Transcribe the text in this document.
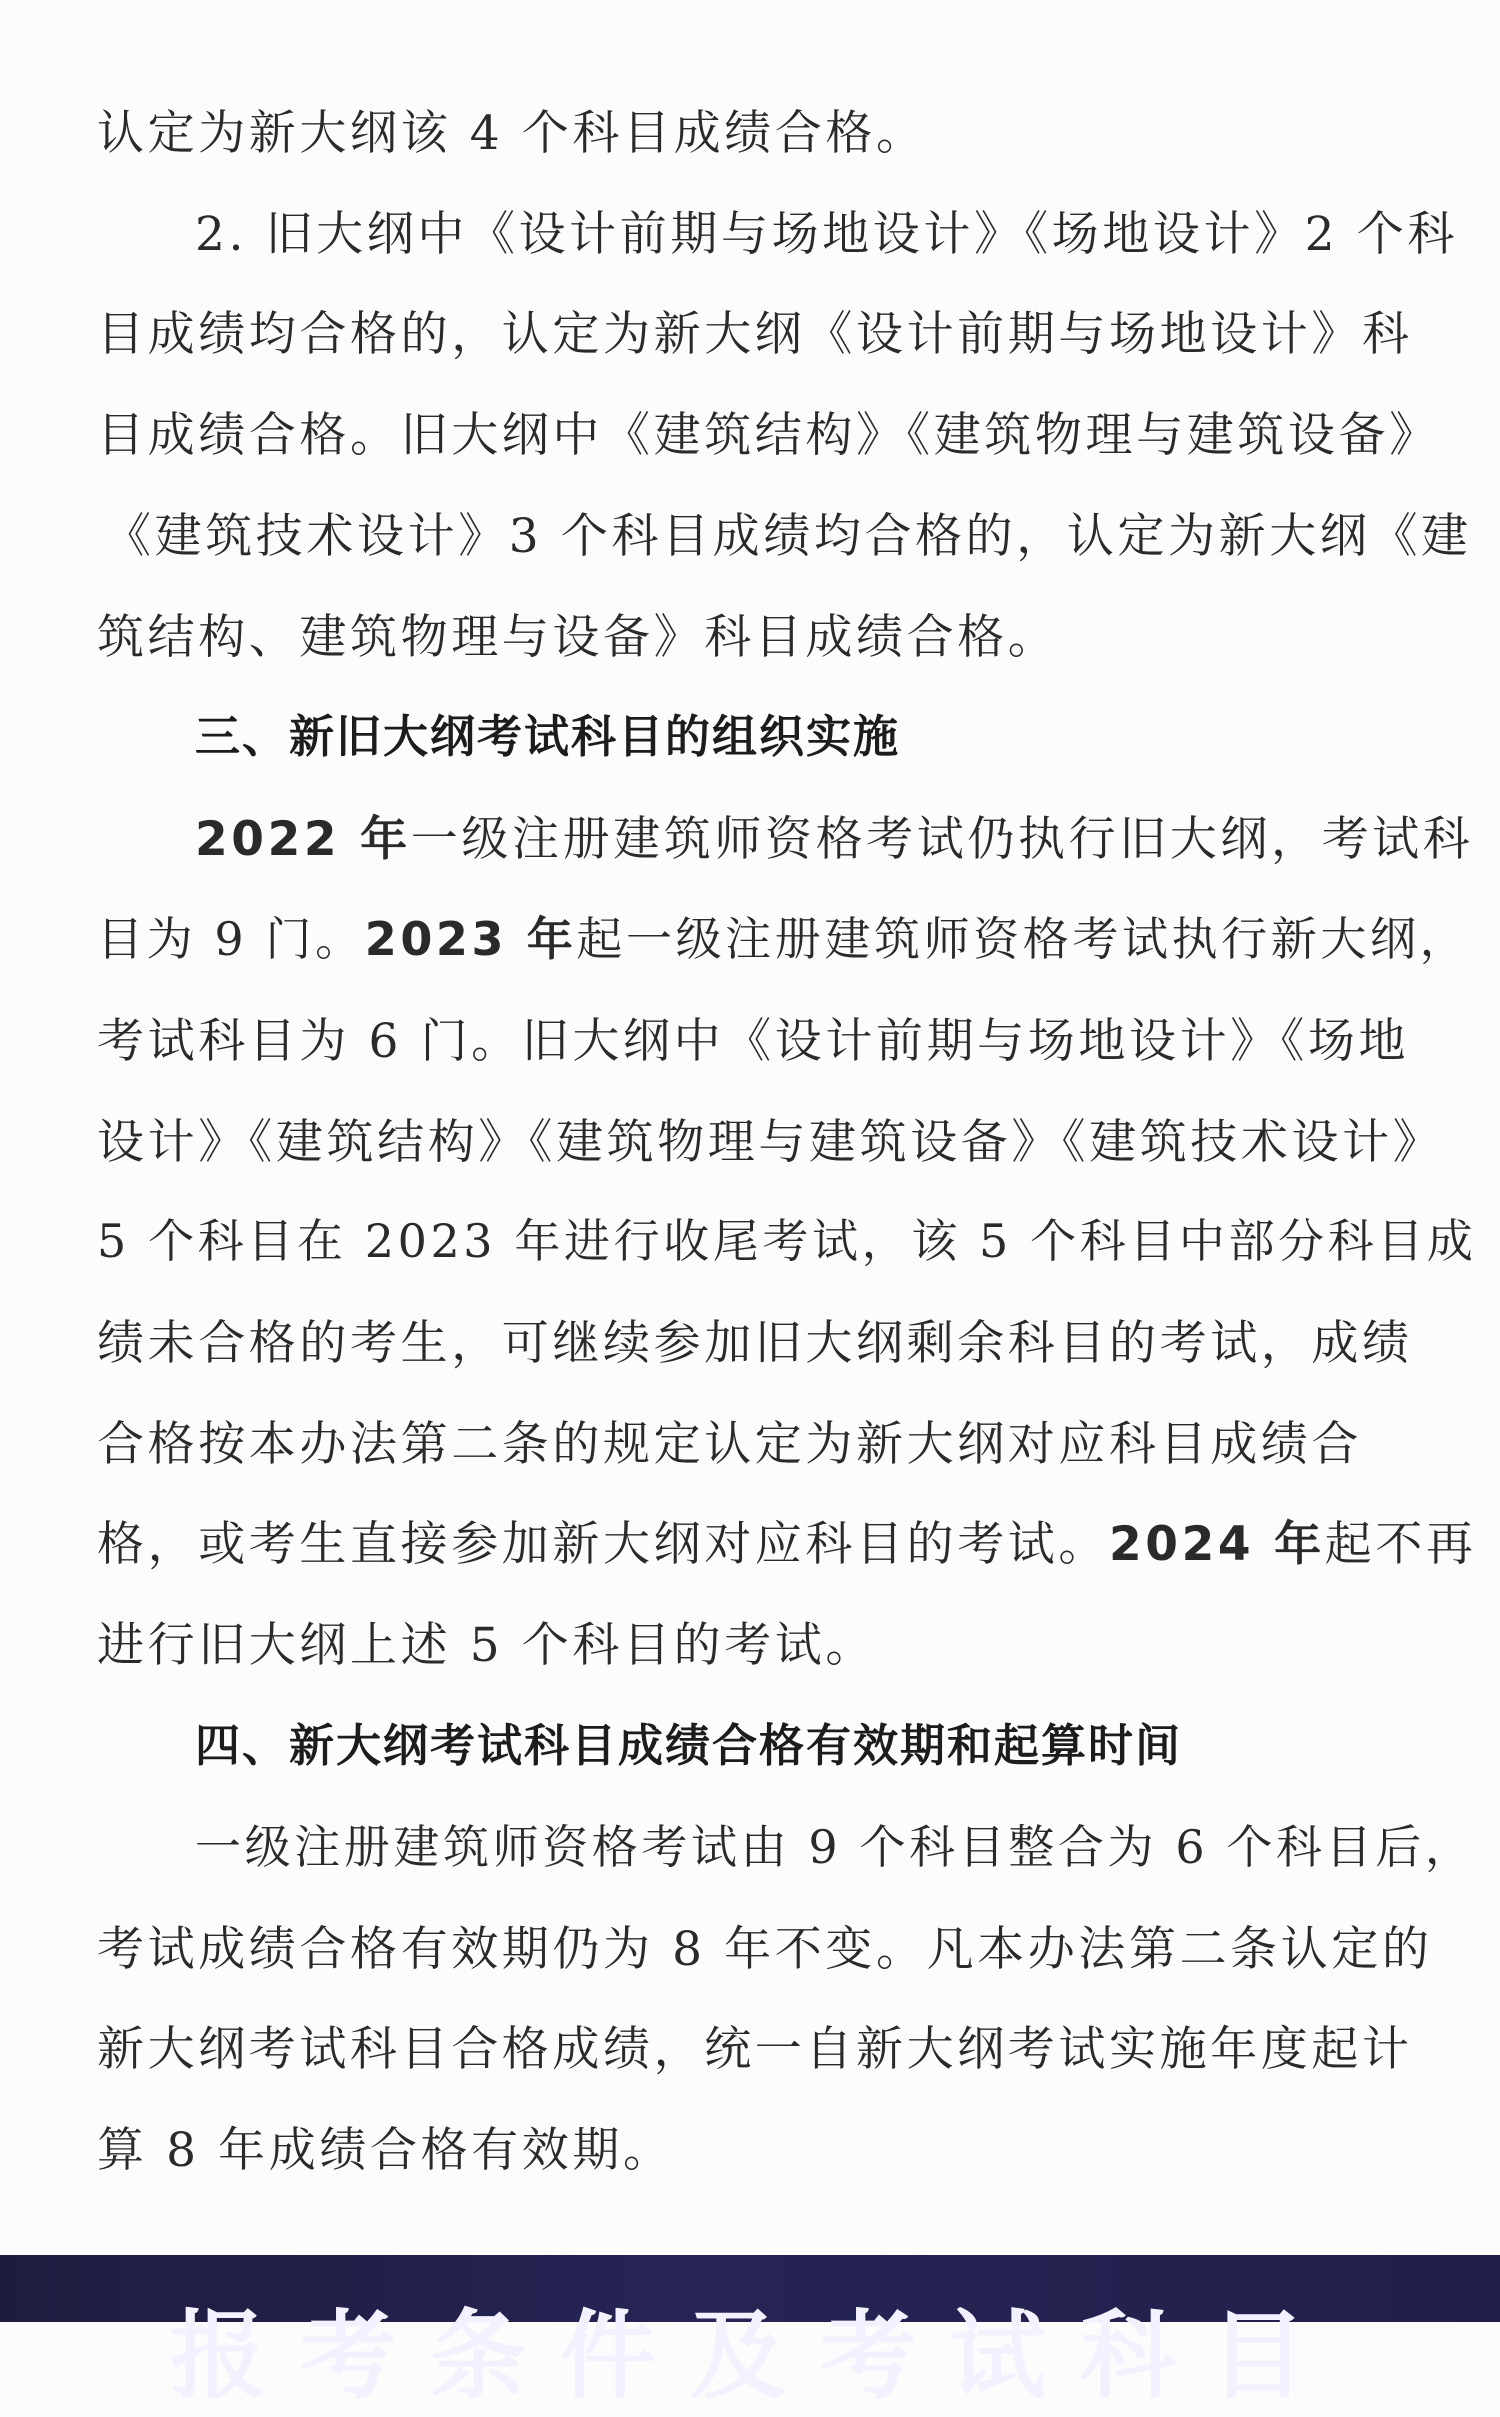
认定为新大纲该 4 个科目成绩合格。
2. 旧大纲中《设计前期与场地设计》《场地设计》2 个科
目成绩均合格的，认定为新大纲《设计前期与场地设计》科
目成绩合格。旧大纲中《建筑结构》《建筑物理与建筑设备》
《建筑技术设计》3 个科目成绩均合格的，认定为新大纲《建
筑结构、建筑物理与设备》科目成绩合格。
三、新旧大纲考试科目的组织实施
2022 年一级注册建筑师资格考试仍执行旧大纲，考试科
目为 9 门。2023 年起一级注册建筑师资格考试执行新大纲，
考试科目为 6 门。旧大纲中《设计前期与场地设计》《场地
设计》《建筑结构》《建筑物理与建筑设备》《建筑技术设计》
5 个科目在 2023 年进行收尾考试，该 5 个科目中部分科目成
绩未合格的考生，可继续参加旧大纲剩余科目的考试，成绩
合格按本办法第二条的规定认定为新大纲对应科目成绩合
格，或考生直接参加新大纲对应科目的考试。2024 年起不再
进行旧大纲上述 5 个科目的考试。
四、新大纲考试科目成绩合格有效期和起算时间
一级注册建筑师资格考试由 9 个科目整合为 6 个科目后，
考试成绩合格有效期仍为 8 年不变。凡本办法第二条认定的
新大纲考试科目合格成绩，统一自新大纲考试实施年度起计
算 8 年成绩合格有效期。
报考条件及考试科目
